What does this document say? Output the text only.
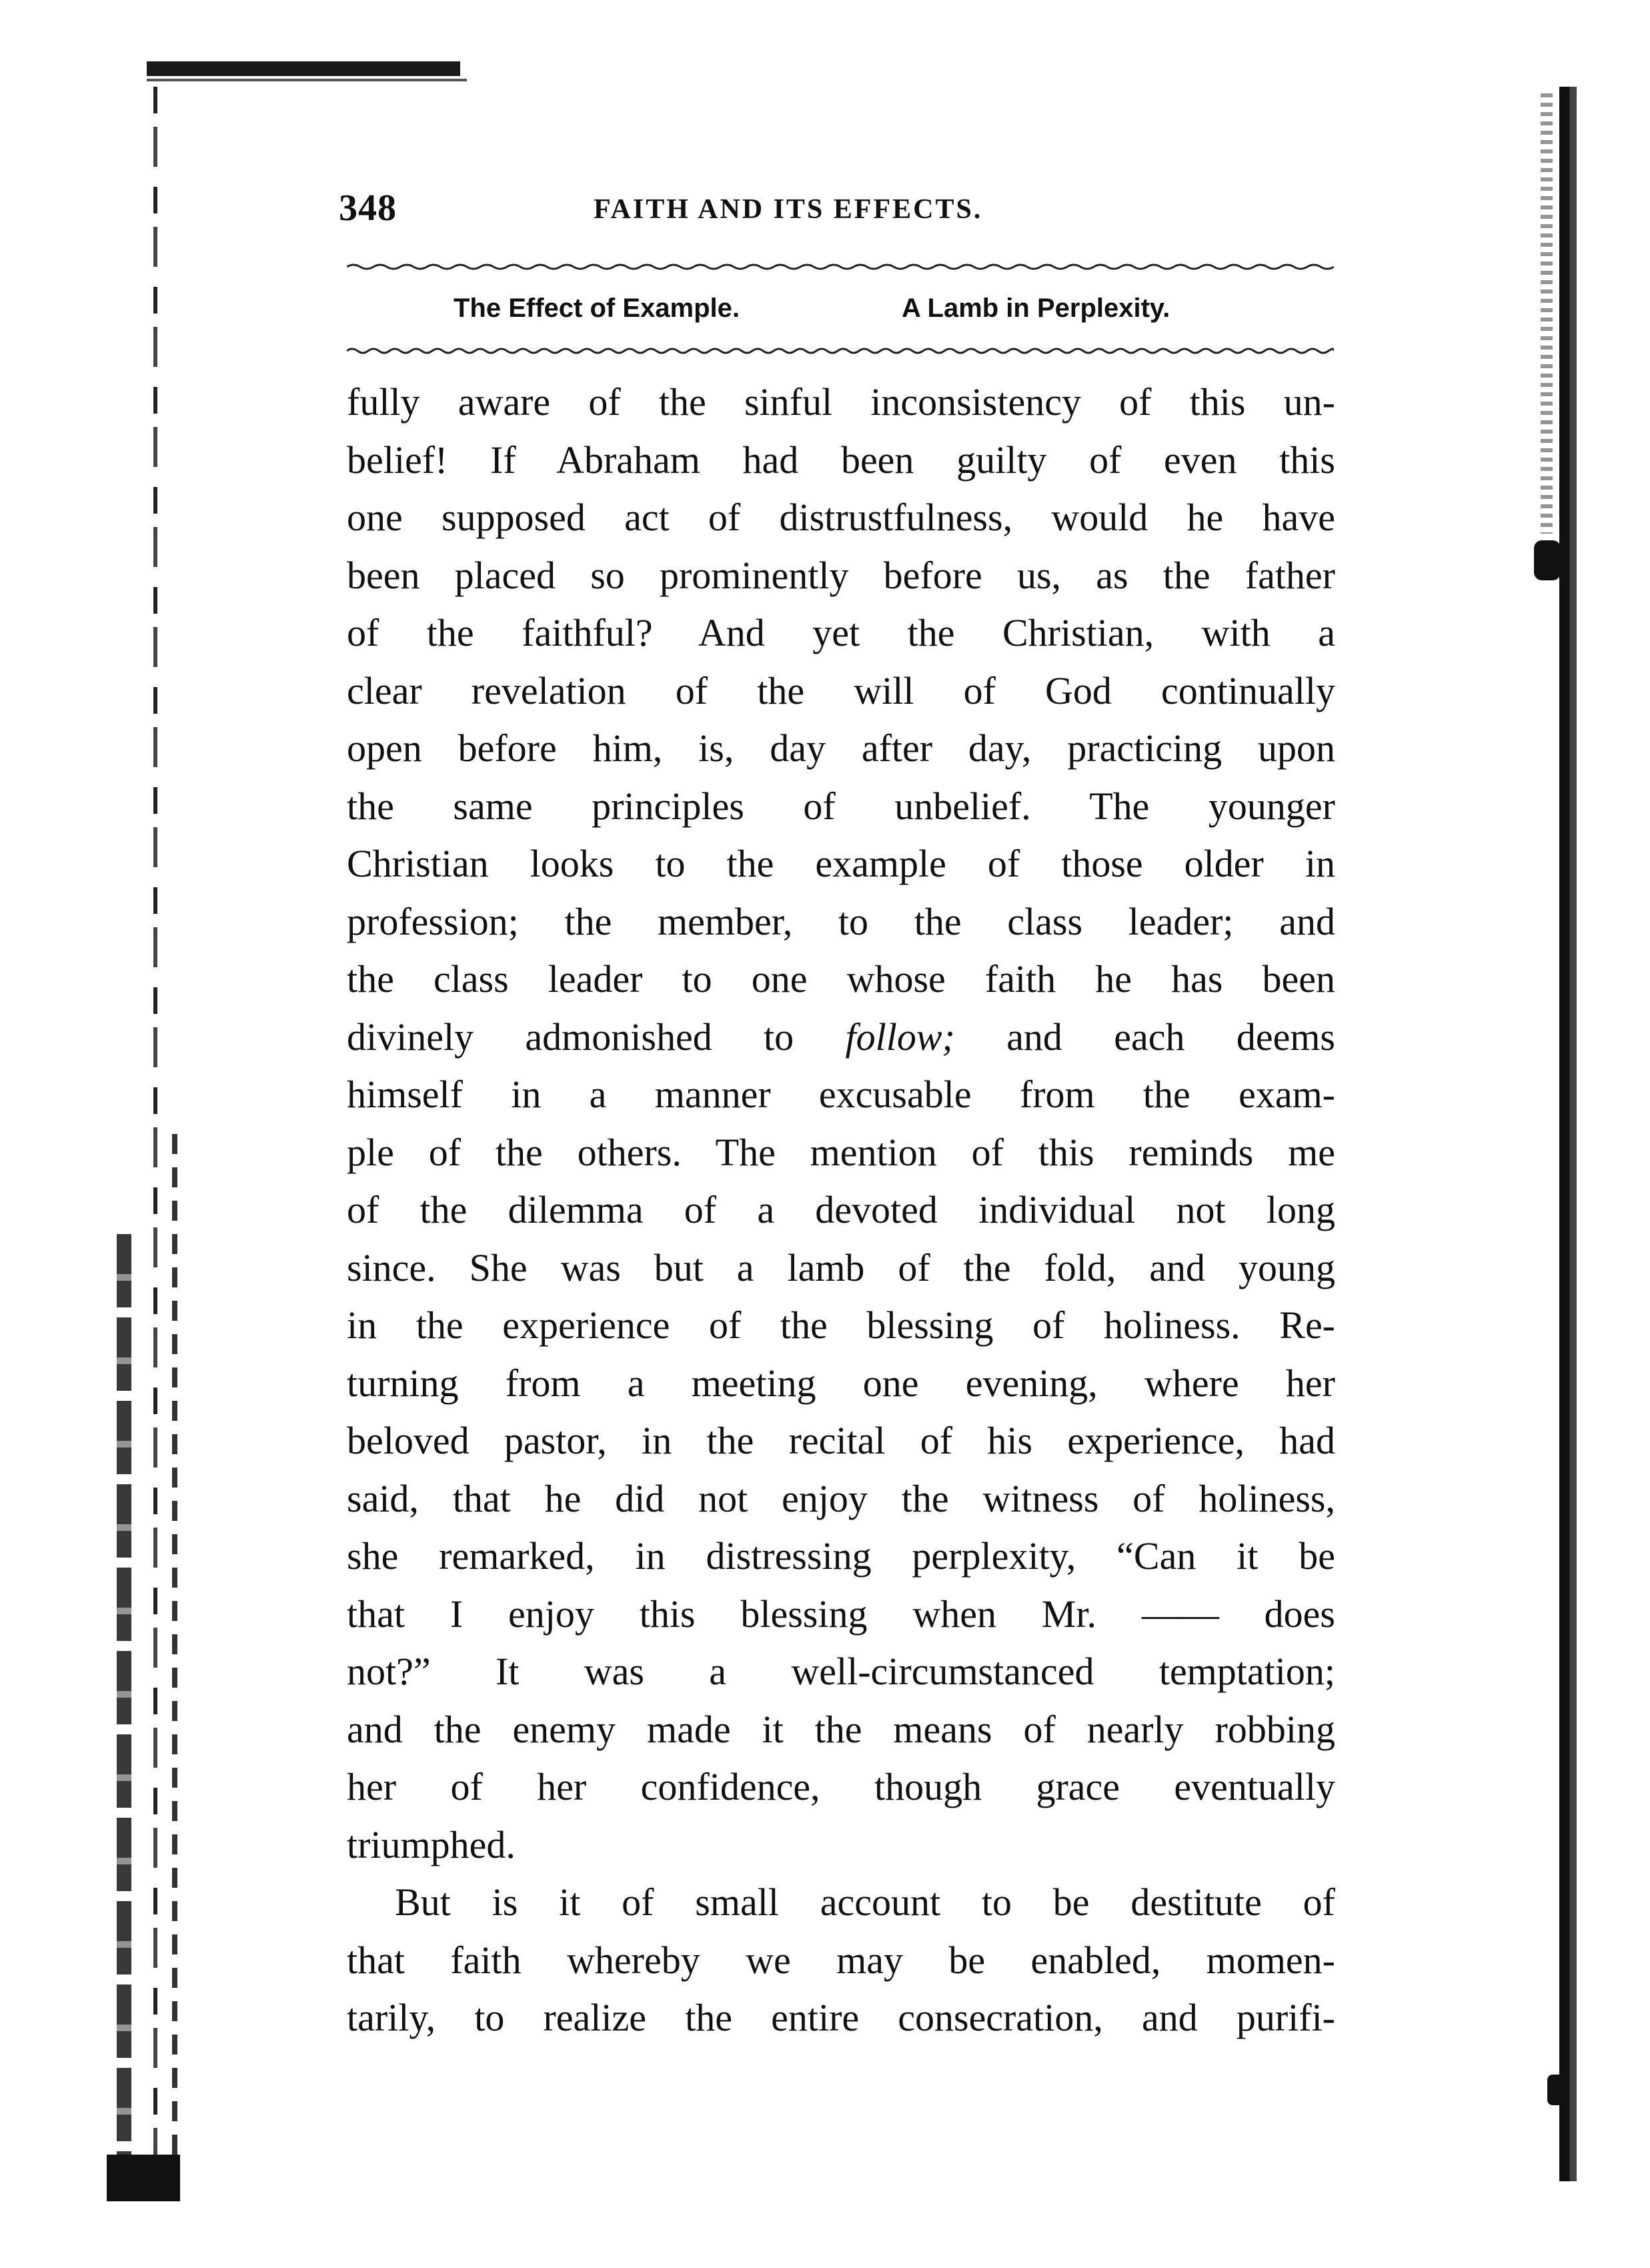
348	FAITH AND ITS EFFECTS.
The Effect of Example.	A Lamb in Perplexity.
fully aware of the sinful inconsistency of this un-
belief! If Abraham had been guilty of even this
one supposed act of distrustfulness, would he have
been placed so prominently before us, as the father
of the faithful? And yet the Christian, with a
clear revelation of the will of God continually
open before him, is, day after day, practicing upon
the same principles of unbelief. The younger
Christian looks to the example of those older in
profession; the member, to the class leader; and
the class leader to one whose faith he has been
divinely admonished to follow; and each deems
himself in a manner excusable from the exam-
ple of the others. The mention of this reminds me
of the dilemma of a devoted individual not long
since. She was but a lamb of the fold, and young
in the experience of the blessing of holiness. Re-
turning from a meeting one evening, where her
beloved pastor, in the recital of his experience, had
said, that he did not enjoy the witness of holiness,
she remarked, in distressing perplexity, “Can it be
that I enjoy this blessing when Mr. —— does
not?” It was a well-circumstanced temptation;
and the enemy made it the means of nearly robbing
her of her confidence, though grace eventually
triumphed.
But is it of small account to be destitute of
that faith whereby we may be enabled, momen-
tarily, to realize the entire consecration, and purifi-
